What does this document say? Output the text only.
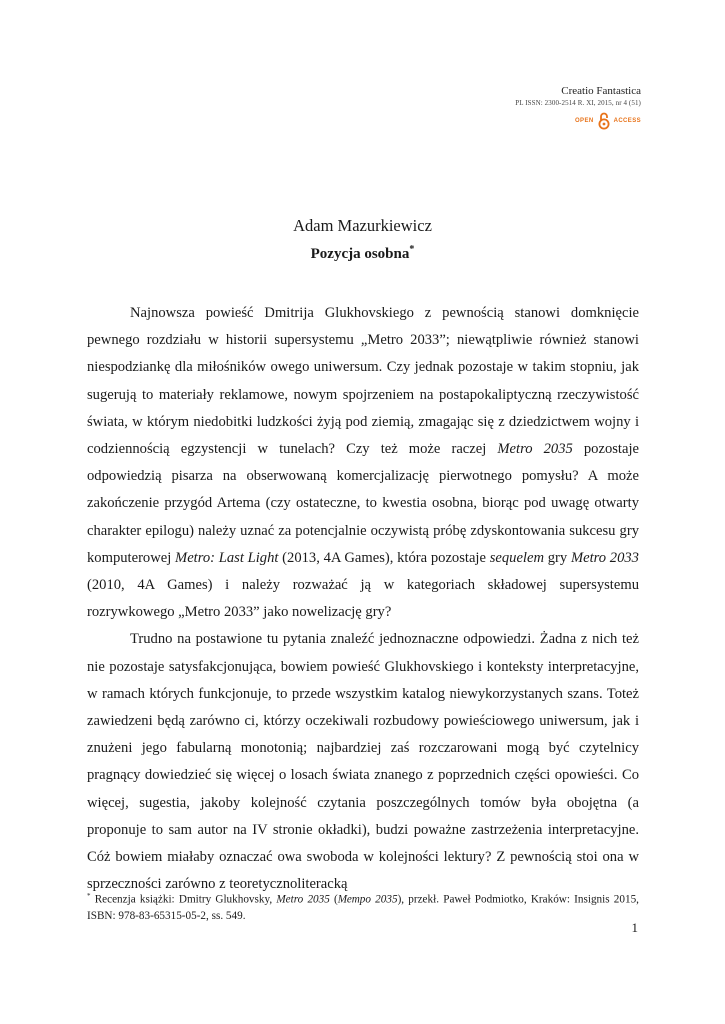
Creatio Fantastica
PL ISSN: 2300-2514 R. XI, 2015, nr 4 (51)
OPEN	ACCESS
Adam Mazurkiewicz
Pozycja osobna*

Najnowsza powieść Dmitrija Glukhovskiego z pewnością stanowi domknięcie pewnego rozdziału w historii supersystemu „Metro 2033”; niewątpliwie również stanowi niespodziankę dla miłośników owego uniwersum. Czy jednak pozostaje w takim stopniu, jak sugerują to materiały reklamowe, nowym spojrzeniem na postapokaliptyczną rzeczywistość świata, w którym niedobitki ludzkości żyją pod ziemią, zmagając się z dziedzictwem wojny i codziennością egzystencji w tunelach? Czy też może raczej Metro 2035 pozostaje odpowiedzią pisarza na obserwowaną komercjalizację pierwotnego pomysłu? A może zakończenie przygód Artema (czy ostateczne, to kwestia osobna, biorąc pod uwagę otwarty charakter epilogu) należy uznać za potencjalnie oczywistą próbę zdyskontowania sukcesu gry komputerowej Metro: Last Light (2013, 4A Games), która pozostaje sequelem gry Metro 2033 (2010, 4A Games) i należy rozważać ją w kategoriach składowej supersystemu rozrywkowego „Metro 2033” jako nowelizację gry?

Trudno na postawione tu pytania znaleźć jednoznaczne odpowiedzi. Żadna z nich też nie pozostaje satysfakcjonująca, bowiem powieść Glukhovskiego i konteksty interpretacyjne, w ramach których funkcjonuje, to przede wszystkim katalog niewykorzystanych szans. Toteż zawiedzeni będą zarówno ci, którzy oczekiwali rozbudowy powieściowego uniwersum, jak i znużeni jego fabularną monotonią; najbardziej zaś rozczarowani mogą być czytelnicy pragnący dowiedzieć się więcej o losach świata znanego z poprzednich części opowieści. Co więcej, sugestia, jakoby kolejność czytania poszczególnych tomów była obojętna (a proponuje to sam autor na IV stronie okładki), budzi poważne zastrzeżenia interpretacyjne. Cóż bowiem miałaby oznaczać owa swoboda w kolejności lektury? Z pewnością stoi ona w sprzeczności zarówno z teoretycznoliteracką

* Recenzja książki: Dmitry Glukhovsky, Metro 2035 (Метро 2035), przekł. Paweł Podmiotko, Kraków: Insignis 2015, ISBN: 978-83-65315-05-2, ss. 549.
1
